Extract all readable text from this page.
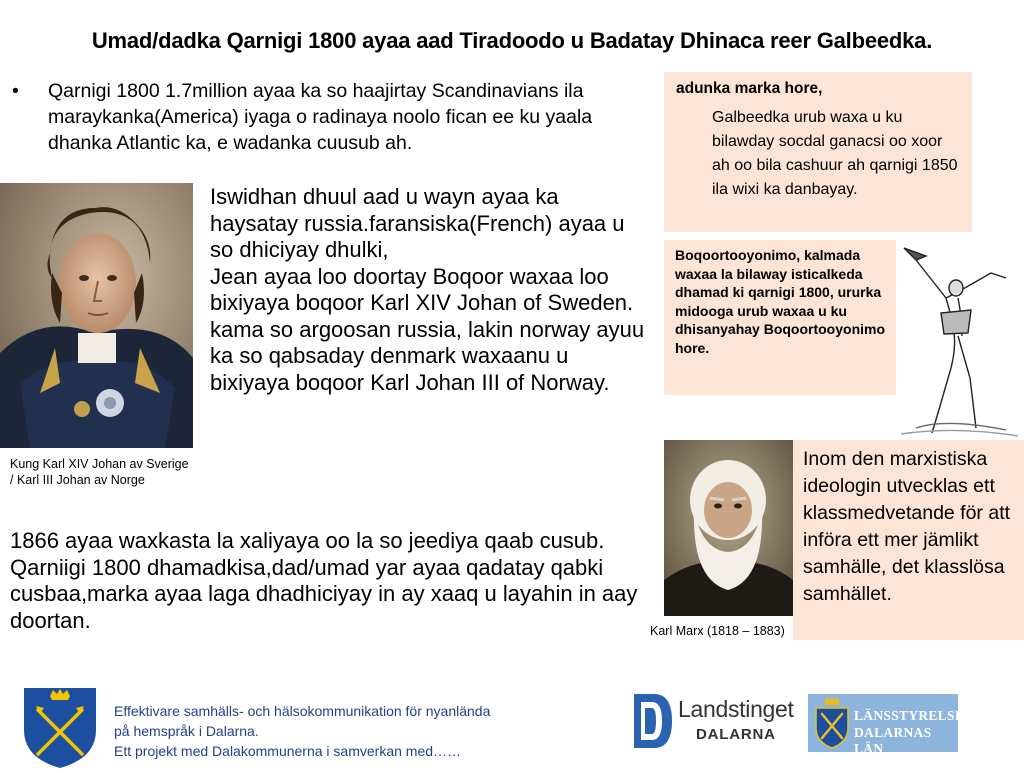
Umad/dadka Qarnigi 1800 ayaa aad Tiradoodo u Badatay Dhinaca reer Galbeedka.
• Qarnigi 1800 1.7million ayaa ka so haajirtay Scandinavians ila maraykanka(America) iyaga o radinaya noolo fican ee ku yaala dhanka Atlantic ka, e wadanka cuusub ah.
Iswidhan dhuul aad u wayn ayaa ka haysatay russia.faransiska(French) ayaa u so dhiciyay dhulki,
Jean ayaa loo doortay Boqoor waxaa loo bixiyaya boqoor Karl XIV Johan of Sweden. kama so argoosan russia, lakin norway ayuu ka so qabsaday denmark waxaanu u bixiyaya boqoor Karl Johan III of Norway.
Kung Karl XIV Johan av Sverige
/ Karl III Johan av Norge
1866 ayaa waxkasta la xaliyaya oo la so jeediya qaab cusub. Qarniigi 1800 dhamadkisa,dad/umad yar ayaa qadatay qabki cusbaa,marka ayaa laga dhadhiciyay in ay xaaq u layahin in aay doortan.
adunka marka hore,
Galbeedka urub waxa u ku bilawday socdal ganacsi oo xoor ah oo bila cashuur ah qarnigi 1850 ila wixi ka danbayay.
Boqoortooyonimo, kalmada waxaa la bilaway isticalkeda dhamad ki qarnigi 1800, ururka midooga urub waxaa u ku dhisanyahay Boqoortooyonimo hore.
Inom den marxistiska ideologin utvecklas ett klassmedvetande för att införa ett mer jämlikt samhälle, det klasslösa samhället.
Karl Marx (1818 – 1883)
Effektivare samhälls- och hälsokommunikation för nyanlända
på hemspråk i Dalarna.
Ett projekt med Dalakommunerna i samverkan med……
Landstinget
DALARNA
LÄNSSTYRELSEN
DALARNAS LÄN
